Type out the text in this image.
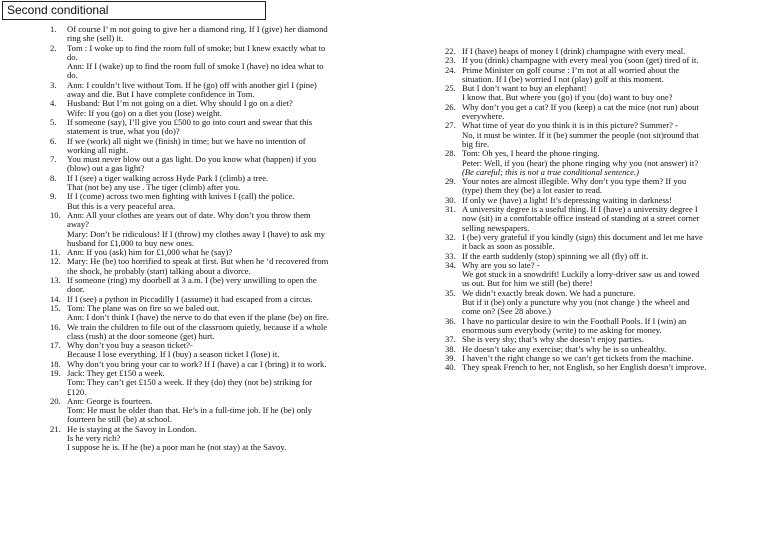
Second conditional
1.	Of course I’ m not going to give her a diamond ring. If I (give) her diamond ring she (sell) it.
2.	Tom : I woke up to find the room full of smoke; but I knew exactly what to do.
Ann: If I (wake) up to find the room full of smoke I (have) no idea what to do.
3.	Ann: I couldn’t live without Tom. If he (go) off with another girl I (pine) away and die. But I have complete confidence in Tom.
4.	Husband: But I’m not going on a diet. Why should I go on a diet?
Wife: If you (go) on a diet you (lose) weight.
5.	If someone (say), I’ll give you £500 to go into court and swear that this statement is true, what you (do)?
6.	If we (work) all night we (finish) in time; but we have no intention of working all night.
7.	You must never blow out a gas light. Do you know what (happen) if you (blow) out a gas light?
8.	If I (see) a tiger walking across Hyde Park I (climb) a tree.
That (not be) any use . The tiger (climb) after you.
9.	If I (come) across two men fighting with knives I (call) the police.
But this is a very peaceful area.
10. Ann: All your clothes are years out of date. Why don’t you throw them away?
Mary: Don’t be ridiculous! If I (throw) my clothes away I (have) to ask my husband for £1,000 to buy new ones.
11. Ann: If you (ask) him for £1,000 what he (say)?
12. Mary: He (be) too horrified to speak at first. But when he ‘d recovered from the shock, he probably (start) talking about a divorce.
13. If someone (ring) my doorbell at 3 a.m. I (be) very unwilling to open the door.
14. If I (see) a python in Piccadilly I (assume) it had escaped from a circus.
15. Tom: The plane was on fire so we baled out.
Ann: I don’t think I (have) the nerve to do that even if the plane (be) on fire.
16. We train the children to file out of the classroom quietly, because if a whole class (rush) at the door someone (get) hurt.
17. Why don’t you buy a season ticket?-
Because I lose everything. If I (buy) a season ticket I (lose) it.
18. Why don’t you bring your car to work? If I (have) a car I (bring) it to work.
19. Jack: They get £150 a week.
Tom: They can’t get £150 a week. If they (do) they (not be) striking for £120.
20. Ann: George is fourteen.
Tom: He must be older than that. He’s in a full-time job. If he (be) only fourteen he still (be) at school.
21. He is staying at the Savoy in London.
Is he very rich?
I suppose he is. If he (be) a poor man he (not stay) at the Savoy.
22. If I (have) heaps of money I (drink) champagne with every meal.
23. If you (drink) champagne with every meal you (soon (get) tired of it.
24. Prime Minister on golf course : I’m not at all worried about the situation. If I (be) worried I not (play) golf at this moment.
25. But I don’t want to buy an elephant!
I know that. But where you (go) if you (do) want to buy one?
26. Why don’t you get a cat? If you (keep) a cat the mice (not run) about everywhere.
27. What time of year do you think it is in this picture? Summer? -
No, it must be winter. If it (be) summer the people (not sit)round that big fire.
28. Tom: Oh yes, I heard the phone ringing.
Peter: Well, if you (hear) the phone ringing why you (not answer) it?
(Be careful; this is not a true conditional sentence.)
29. Your notes are almost illegible. Why don’t you type them? If you (type) them they (be) a lot easier to read.
30. If only we (have) a light! It’s depressing waiting in darkness!
31. A university degree is a useful thing. If I (have) a university degree I now (sit) in a comfortable office instead of standing at a street corner selling newspapers.
32. I (be) very grateful if you kindly (sign) this document and let me have it back as soon as possible.
33. If the earth suddenly (stop) spinning we all (fly) off it.
34. Why are you so late? -
We got stuck in a snowdrift! Luckily a lorry-driver saw us and towed us out. But for him we still (be) there!
35. We didn’t exactly break down. We had a puncture.
But if it (be) only a puncture why you (not change ) the wheel and come on? (See 28 above.)
36. I have no particular desire to win the Football Pools. If I (win) an enormous sum everybody (write) to me asking for money.
37. She is very shy; that’s why she doesn’t enjoy parties.
38. He doesn’t take any exercise; that’s why he is so unhealthy.
39. I haven’t the right change so we can’t get tickets from the machine.
40. They speak French to her, not English, so her English doesn’t improve.
